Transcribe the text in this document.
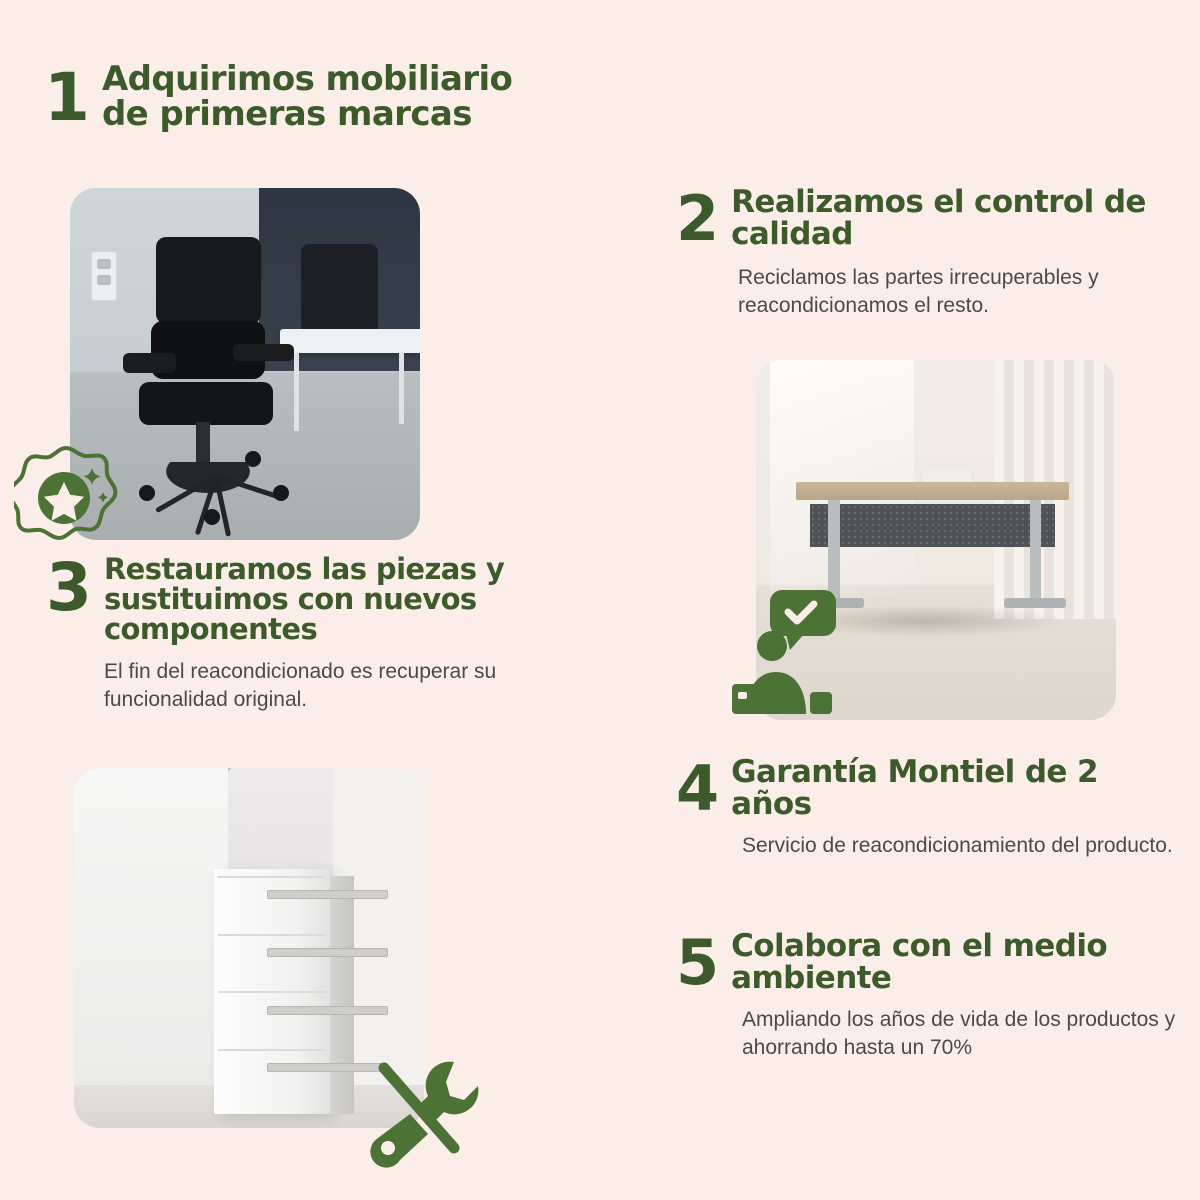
1 Adquirimos mobiliario de primeras marcas
2 Realizamos el control de calidad
Reciclamos las partes irrecuperables y reacondicionamos el resto.
3 Restauramos las piezas y sustituimos con nuevos componentes
El fin del reacondicionado es recuperar su funcionalidad original.
4 Garantía Montiel de 2 años
Servicio de reacondicionamiento del producto.
5 Colabora con el medio ambiente
Ampliando los años de vida de los productos y ahorrando hasta un 70%
